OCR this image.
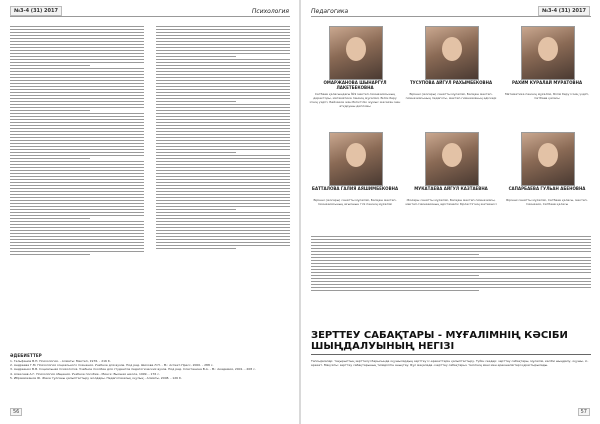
№3-4 (31) 2017	Психология
ӘДЕБИЕТТЕР
1. Гельфанов В.Н. Психология. - Алматы: Мектеп, 1976. - 216 б.
2. Андреева Г.М. Психология социального познания. Учебное для вузов. Под ред. Шихова Л.Н. - М.: Аспект-Пресс, 2000. - 288 с.
3. Андреенко В.В. Социальная психология. Учебное пособие для студентов педагогических вузов. Под ред. Сластенина В.А. - М.: Академия, 2001. - 208 с.
4. Алексеев А.Г. Психология общения. Учебное пособие - Минск: Высшая школа, 1999. - 176 с.
5. Ибраимжанов Ж. Жеке тұлғаны қалыптастыру жолдары. Педагогикалық оқулық - Алматы, 2008. - 126 б.
56
Педагогика	№3-4 (31) 2017
ОМАРЖАНОВА ШЫНАРГҮЛ ЛАКЕТБЕКОВНА
Сәтбаев қаласындағы №9 мектеп-гимназиясының директоры, математика пәнінің мұғалімі, Білім беру ісінің үздігі, Байзаков жан Біліктілік жұмыс жасаған мен атқарушы дипломы
ТУСУПОВА АЙГУЛ РАХЫМБЕКОВНА
Бірінші (жоғары) санатты мұғалімі, Балқаш мектеп-гимназиясының педагогы, мектеп-гимназияның әдіскері
РАХИМ КУРАЛАЙ МУРАТОВНА
Математика пәнінің мұғалімі, Білім беру ісінің үздігі, Сәтбаев қаласы
БАТТАЛОВА ГАЛИЯ АЯШИМБЕКОВНА
Бірінші (жоғары) санатты мұғалімі, Балқаш мектеп-гимназиясының ағылшын тілі пәнінің мұғалімі
МУКАТАЕВА АЙГУЛ КАЗТАЕВНА
Жоғары санатты мұғалімі, Балқаш мектеп-гимназиясы, мектеп-гимназияның әдістемелік бірлестігінің жетекшісі
САПАРБАЕВА ГУЛЬАН АБЕНОВНА
Бірінші санатты мұғалімі, Сәтбаев қаласы, мектеп-гимназия, Сәтбаев қаласы
ЗЕРТТЕУ САБАҚТАРЫ - МҰҒАЛІМНІҢ КӘСІБИ ШЫҢДАЛУЫНЫҢ НЕГІЗІ
Тапсырмалар: тақырыптың зерттелуі барысында оқушылардың зерттеу іс-әрекеттерін қалыптастыру. Түйін сөздер: зерттеу сабақтары, мұғалім, кәсіби шыңдалу, оқушы, іс-әрекет. Мақсаты: зерттеу сабақтарының тиімділігін анықтау. Бұл мақалада «зерттеу сабақтары» тәсілінің мәні мен ерекшеліктері қарастырылады.
57
